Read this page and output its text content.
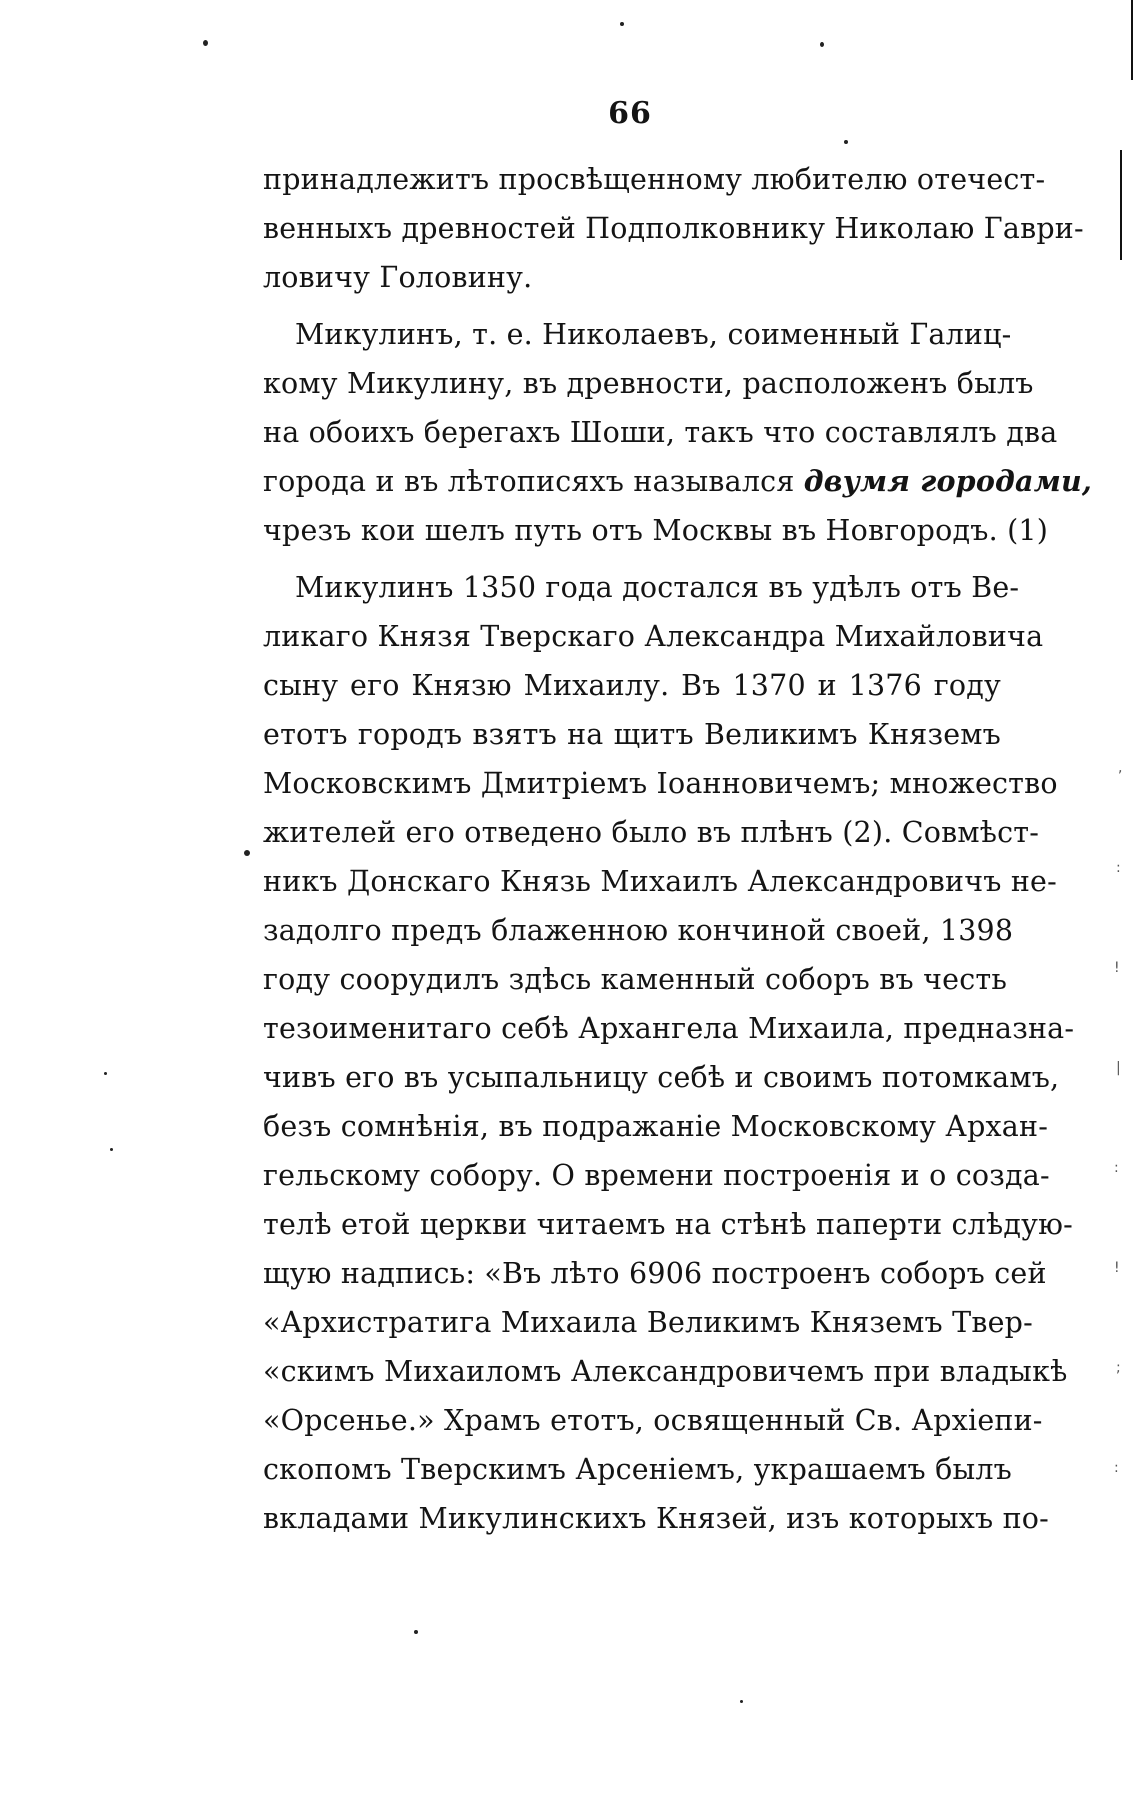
66
принадлежитъ просвѣщенному любителю отечест-
венныхъ древностей Подполковнику Николаю Гаври-
ловичу Головину.
Микулинъ, т. е. Николаевъ, соименный Галиц-
кому Микулину, въ древности, расположенъ былъ
на обоихъ берегахъ Шоши, такъ что составлялъ два
города и въ лѣтописяхъ назывался двумя городами,
чрезъ кои шелъ путь отъ Москвы въ Новгородъ. (1)
Микулинъ 1350 года достался въ удѣлъ отъ Ве-
ликаго Князя Тверскаго Александра Михайловича
сыну его Князю Михаилу. Въ 1370 и 1376 году
етотъ городъ взятъ на щитъ Великимъ Княземъ
Московскимъ Дмитріемъ Іоанновичемъ; множество
жителей его отведено было въ плѣнъ (2). Совмѣст-
никъ Донскаго Князь Михаилъ Александровичъ не-
задолго предъ блаженною кончиной своей, 1398
году соорудилъ здѣсь каменный соборъ въ честь
тезоименитаго себѣ Архангела Михаила, предназна-
чивъ его въ усыпальницу себѣ и своимъ потомкамъ,
безъ сомнѣнія, въ подражаніе Московскому Архан-
гельскому собору. О времени построенія и о созда-
телѣ етой церкви читаемъ на стѣнѣ паперти слѣдую-
щую надпись: «Въ лѣто 6906 построенъ соборъ сей
«Архистратига Михаила Великимъ Княземъ Твер-
«скимъ Михаиломъ Александровичемъ при владыкѣ
«Орсенье.» Храмъ етотъ, освященный Св. Архіепи-
скопомъ Тверскимъ Арсеніемъ, украшаемъ былъ
вкладами Микулинскихъ Князей, изъ которыхъ по-
,
:
!
|
:
!
;
:
